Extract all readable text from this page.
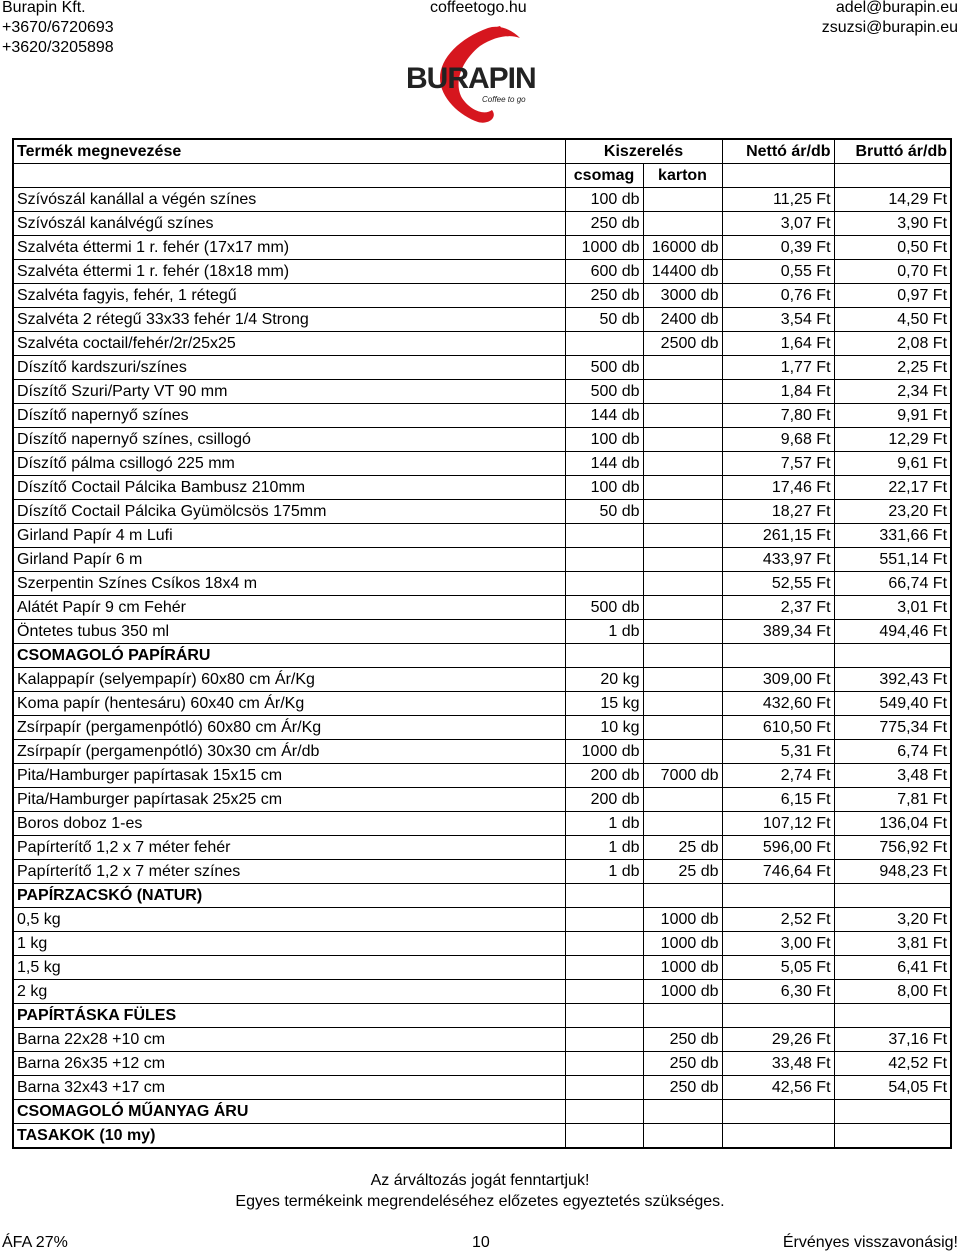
Burapin Kft.
+3670/6720693
+3620/3205898
coffeetogo.hu	adel@burapin.eu
zsuzsi@burapin.eu
BURAPIN
Coffee to go
Termék megnevezése	Kiszerelés		Nettó ár/db	Bruttó ár/db
	csomag	karton		
Szívószál kanállal a végén színes	100 db		11,25 Ft	14,29 Ft
Szívószál kanálvégű színes	250 db		3,07 Ft	3,90 Ft
Szalvéta éttermi 1 r. fehér (17x17 mm)	1000 db	16000 db	0,39 Ft	0,50 Ft
Szalvéta éttermi 1 r. fehér (18x18 mm)	600 db	14400 db	0,55 Ft	0,70 Ft
Szalvéta fagyis, fehér, 1 rétegű	250 db	3000 db	0,76 Ft	0,97 Ft
Szalvéta 2 rétegű 33x33 fehér 1/4 Strong	50 db	2400 db	3,54 Ft	4,50 Ft
Szalvéta coctail/fehér/2r/25x25		2500 db	1,64 Ft	2,08 Ft
Díszítő kardszuri/színes	500 db		1,77 Ft	2,25 Ft
Díszítő Szuri/Party VT 90 mm	500 db		1,84 Ft	2,34 Ft
Díszítő napernyő színes	144 db		7,80 Ft	9,91 Ft
Díszítő napernyő színes, csillogó	100 db		9,68 Ft	12,29 Ft
Díszítő pálma csillogó 225 mm	144 db		7,57 Ft	9,61 Ft
Díszítő Coctail Pálcika Bambusz 210mm	100 db		17,46 Ft	22,17 Ft
Díszítő Coctail Pálcika Gyümölcsös 175mm	50 db		18,27 Ft	23,20 Ft
Girland Papír 4 m Lufi			261,15 Ft	331,66 Ft
Girland Papír 6 m			433,97 Ft	551,14 Ft
Szerpentin Színes Csíkos 18x4 m			52,55 Ft	66,74 Ft
Alátét Papír 9 cm Fehér	500 db		2,37 Ft	3,01 Ft
Öntetes tubus 350 ml	1 db		389,34 Ft	494,46 Ft
CSOMAGOLÓ PAPÍRÁRU				
Kalappapír (selyempapír) 60x80 cm Ár/Kg	20 kg		309,00 Ft	392,43 Ft
Koma papír (hentesáru) 60x40 cm Ár/Kg	15 kg		432,60 Ft	549,40 Ft
Zsírpapír (pergamenpótló) 60x80 cm Ár/Kg	10 kg		610,50 Ft	775,34 Ft
Zsírpapír (pergamenpótló) 30x30 cm Ár/db	1000 db		5,31 Ft	6,74 Ft
Pita/Hamburger papírtasak 15x15 cm	200 db	7000 db	2,74 Ft	3,48 Ft
Pita/Hamburger papírtasak 25x25 cm	200 db		6,15 Ft	7,81 Ft
Boros doboz 1-es	1 db		107,12 Ft	136,04 Ft
Papírterítő 1,2 x 7 méter fehér	1 db	25 db	596,00 Ft	756,92 Ft
Papírterítő 1,2 x 7 méter színes	1 db	25 db	746,64 Ft	948,23 Ft
PAPÍRZACSKÓ (NATUR)				
0,5 kg		1000 db	2,52 Ft	3,20 Ft
1 kg		1000 db	3,00 Ft	3,81 Ft
1,5 kg		1000 db	5,05 Ft	6,41 Ft
2 kg		1000 db	6,30 Ft	8,00 Ft
PAPÍRTÁSKA FÜLES				
Barna 22x28 +10 cm		250 db	29,26 Ft	37,16 Ft
Barna 26x35 +12 cm		250 db	33,48 Ft	42,52 Ft
Barna 32x43 +17 cm		250 db	42,56 Ft	54,05 Ft
CSOMAGOLÓ MŰANYAG ÁRU				
TASAKOK (10 my)				
Az árváltozás jogát fenntartjuk!
Egyes termékeink megrendeléséhez előzetes egyeztetés szükséges.
ÁFA 27%	10	Érvényes visszavonásig!
